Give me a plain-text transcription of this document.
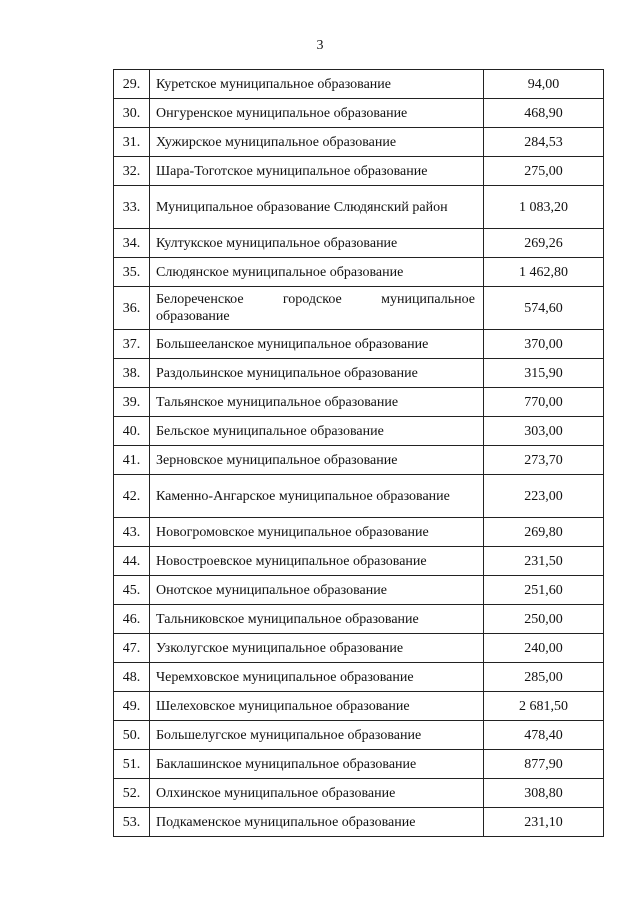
3
29.	Куретское муниципальное образование	94,00
30.	Онгуренское муниципальное образование	468,90
31.	Хужирское муниципальное образование	284,53
32.	Шара-Тоготское муниципальное образование	275,00
33.	Муниципальное образование Слюдянский район	1 083,20
34.	Култукское муниципальное образование	269,26
35.	Слюдянское муниципальное образование	1 462,80
36.	Белореченское городское муниципальное образование	574,60
37.	Большееланское муниципальное образование	370,00
38.	Раздольинское муниципальное образование	315,90
39.	Тальянское муниципальное образование	770,00
40.	Бельское муниципальное образование	303,00
41.	Зерновское муниципальное образование	273,70
42.	Каменно-Ангарское муниципальное образование	223,00
43.	Новогромовское муниципальное образование	269,80
44.	Новостроевское муниципальное образование	231,50
45.	Онотское муниципальное образование	251,60
46.	Тальниковское муниципальное образование	250,00
47.	Узколугское муниципальное образование	240,00
48.	Черемховское муниципальное образование	285,00
49.	Шелеховское муниципальное образование	2 681,50
50.	Большелугское муниципальное образование	478,40
51.	Баклашинское муниципальное образование	877,90
52.	Олхинское муниципальное образование	308,80
53.	Подкаменское муниципальное образование	231,10
